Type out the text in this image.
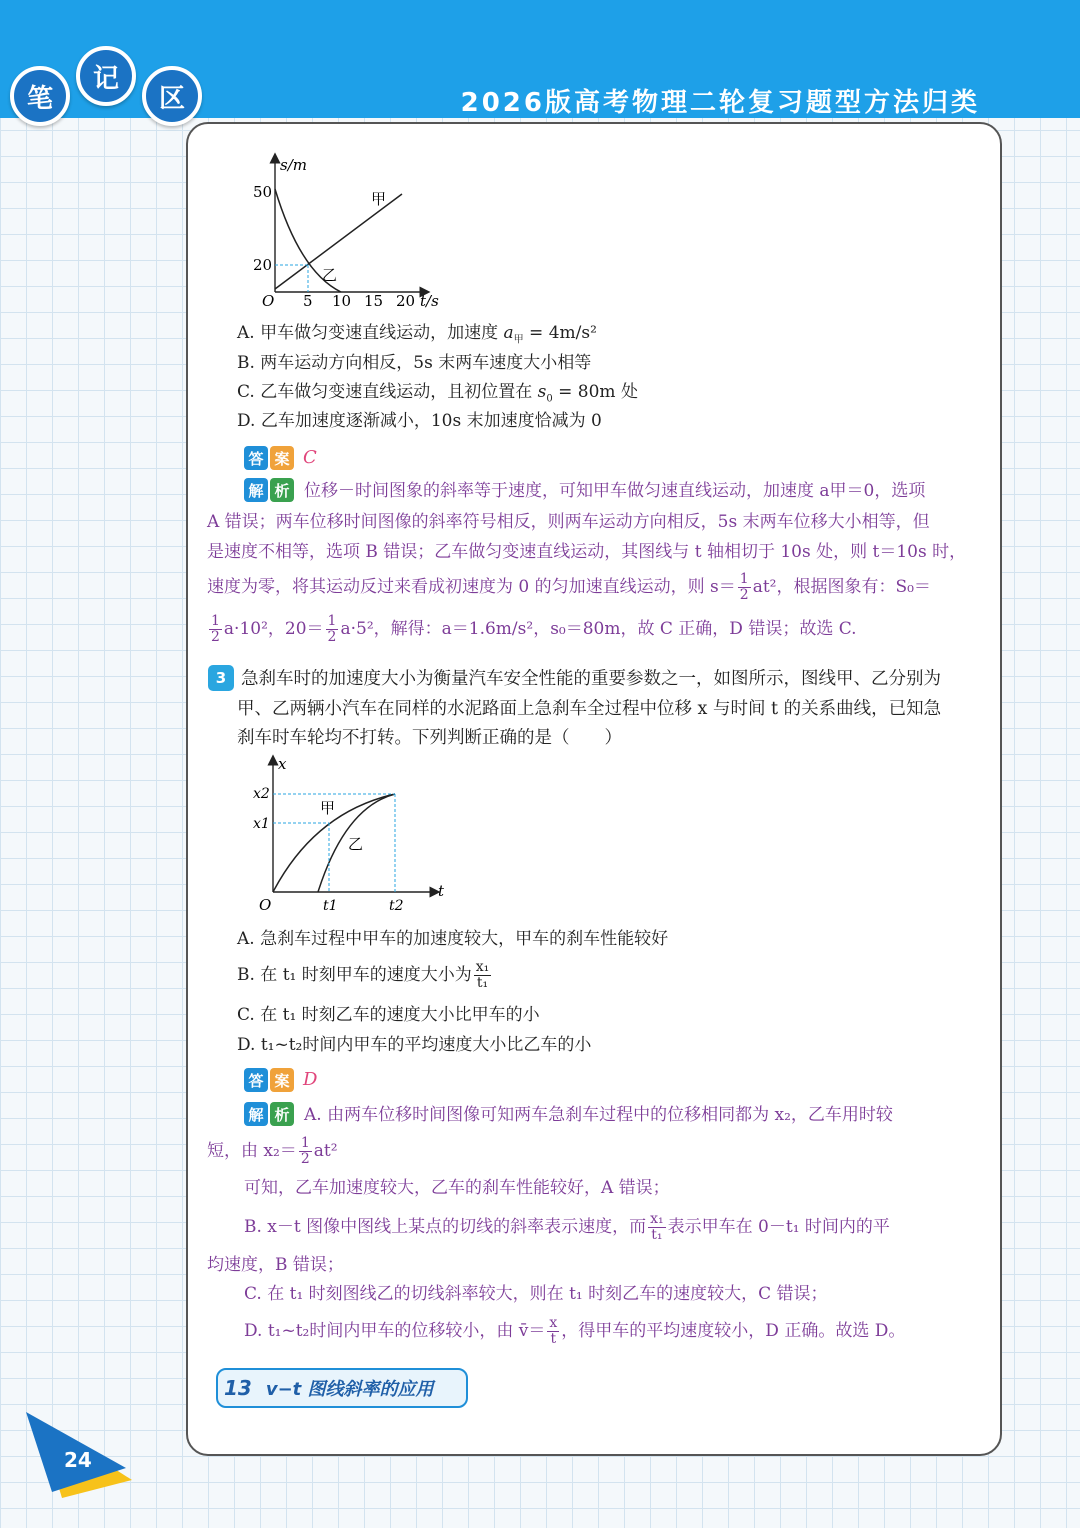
笔
记
区	2026版高考物理二轮复习题型方法归类
s/m
t/s
O
50
20
5 10 15 20
甲
乙
A. 甲车做匀变速直线运动，加速度 $a_甲 = 4m/s^2$
B. 两车运动方向相反，5s 末两车速度大小相等
C. 乙车做匀变速直线运动，且初位置在 $s_0 = 80m$ 处
D. 乙车加速度逐渐减小，10s 末加速度恰减为 0
答 案 C
解 析 位移－时间图象的斜率等于速度，可知甲车做匀速直线运动，加速度 a甲＝0，选项
A 错误；两车位移时间图像的斜率符号相反，则两车运动方向相反，5s 末两车位移大小相等，但
是速度不相等，选项 B 错误；乙车做匀变速直线运动，其图线与 t 轴相切于 10s 处，则 t＝10s 时，
速度为零，将其运动反过来看成初速度为 0 的匀加速直线运动，则 $s= \frac{1}{2} at^2$，根据图象有：S₀＝
$\frac{1}{2} a\cdot 10^2$，$20= \frac{1}{2} a\cdot 5^2$，解得：a＝1.6m/s²，s₀＝80m，故 C 正确，D 错误；故选 C.
3 急刹车时的加速度大小为衡量汽车安全性能的重要参数之一，如图所示，图线甲、乙分别为
甲、乙两辆小汽车在同样的水泥路面上急刹车全过程中位移 x 与时间 t 的关系曲线，已知急
刹车时车轮均不打转。下列判断正确的是（　　）
x
t
O
x2
x1
t1	t2
甲
乙
A. 急刹车过程中甲车的加速度较大，甲车的刹车性能较好
B. 在 t₁ 时刻甲车的速度大小为 $\frac{\text{x₁}}{\text{t₁}}$
C. 在 t₁ 时刻乙车的速度大小比甲车的小
D. t₁~t₂时间内甲车的平均速度大小比乙车的小
答 案 D
解 析 A. 由两车位移时间图像可知两车急刹车过程中的位移相同都为 x₂，乙车用时较
短，由 $x_2= \frac{1}{2} at^2$
可知，乙车加速度较大，乙车的刹车性能较好，A 错误；
B. x－t 图像中图线上某点的切线的斜率表示速度，而 $\frac{\text{x₁}}{\text{t₁}}$ 表示甲车在 0－t₁ 时间内的平
均速度，B 错误；
C. 在 t₁ 时刻图线乙的切线斜率较大，则在 t₁ 时刻乙车的速度较大，C 错误；
D. t₁~t₂时间内甲车的位移较小，由 v̄＝ $\frac{x}{t}$ ，得甲车的平均速度较小，D 正确。故选 D。
13 v−t 图线斜率的应用
24
